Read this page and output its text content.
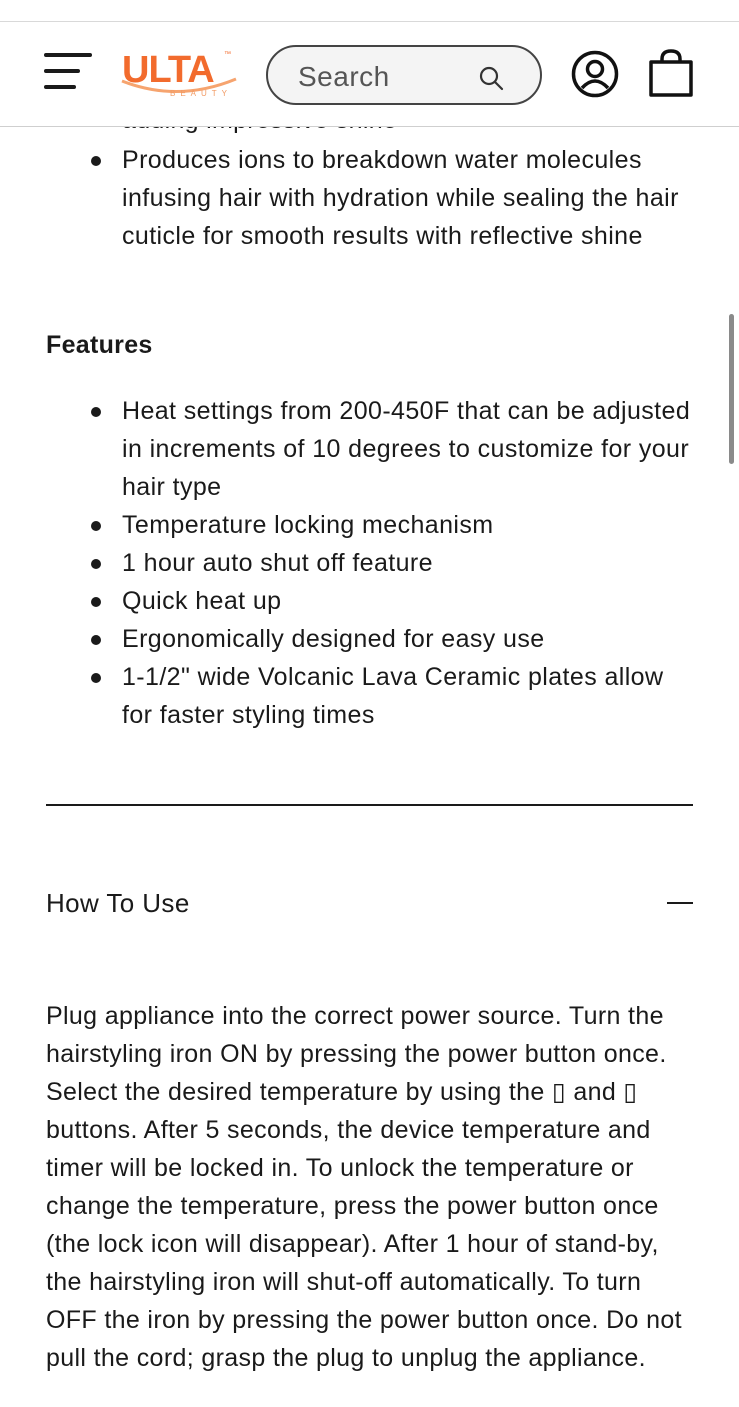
Produces ions to breakdown water molecules infusing hair with hydration while sealing the hair cuticle for smooth results with reflective shine
Features
Heat settings from 200-450F that can be adjusted in increments of 10 degrees to customize for your hair type
Temperature locking mechanism
1 hour auto shut off feature
Quick heat up
Ergonomically designed for easy use
1-1/2" wide Volcanic Lava Ceramic plates allow for faster styling times
How To Use

Plug appliance into the correct power source. Turn the hairstyling iron ON by pressing the power button once. Select the desired temperature by using the ▯ and ▯ buttons. After 5 seconds, the device temperature and timer will be locked in. To unlock the temperature or change the temperature, press the power button once (the lock icon will disappear). After 1 hour of stand-by, the hairstyling iron will shut-off automatically. To turn OFF the iron by pressing the power button once. Do not pull the cord; grasp the plug to unplug the appliance.

ULTA ™
BEAUTY
Search
